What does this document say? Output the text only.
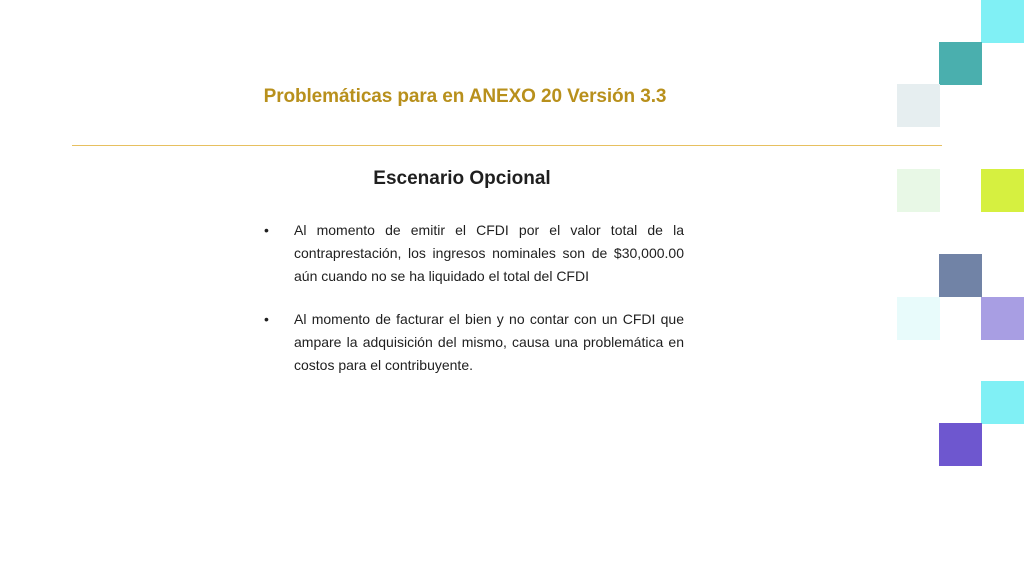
Problemáticas para en ANEXO 20 Versión 3.3
Escenario Opcional
• Al momento de emitir el CFDI por el valor total de la contraprestación, los ingresos nominales son de $30,000.00 aún cuando no se ha liquidado el total del CFDI
• Al momento de facturar el bien y no contar con un CFDI que ampare la adquisición del mismo, causa una problemática en costos para el contribuyente.
